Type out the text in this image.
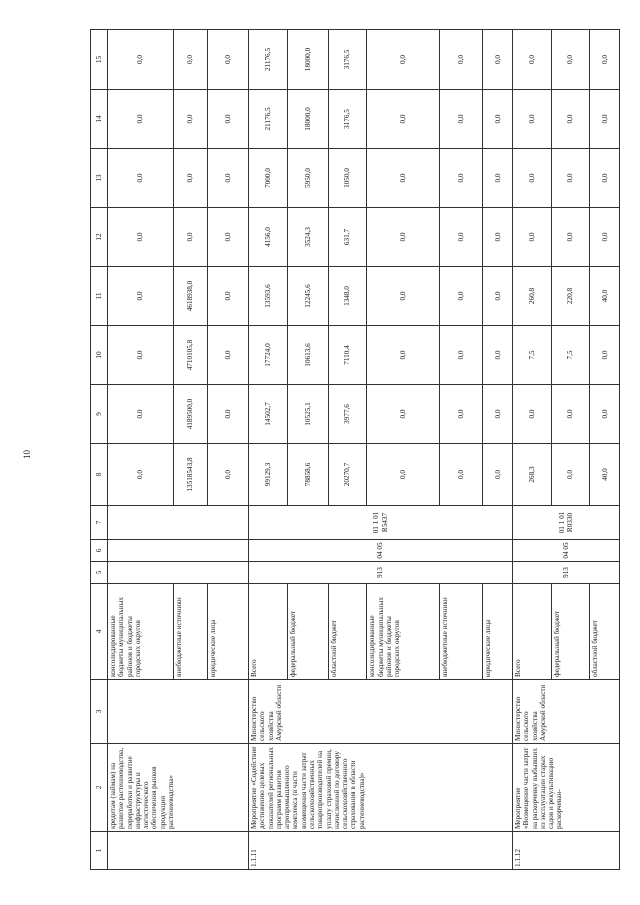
10
1	2	3	4	5	6	7	8	9	10	11	12	13	14	15
	кредитам (займам) на развитие растениеводства, переработки и развитие инфраструктуры и логистического обеспечения рынков продукции растениеводства»		консолидированные бюджеты муниципальных районов и бюджеты городских округов				0,0	0,0	0,0	0,0	0,0	0,0	0,0	0,0
			внебюджетные источники				13518543,8	4189500,0	4710105,8	4618938,0	0,0	0,0	0,0	0,0
			юридические лица				0,0	0,0	0,0	0,0	0,0	0,0	0,0	0,0
1.1.11	Мероприятие «Содействие достижению целевых показателей региональных программ развития агропромышленного комплекса (в части возмещения части затрат сельскохозяйственных товаропроизводителей на уплату страховой премии, начисленной по договору сельскохозяйственного страхования в области растениеводства)»	Министерство сельского хозяйства Амурской области	Всего	913	04 05	01 1 01 R5437	99129,3	14502,7	17724,0	13593,6	4156,0	7000,0	21176,5	21176,5
			федеральный бюджет				78858,6	10525,1	10613,6	12245,6	3524,3	5950,0	18000,0	18000,0
			областной бюджет				20270,7	3977,6	7110,4	1348,0	631,7	1050,0	3176,5	3176,5
			консолидированные бюджеты муниципальных районов и бюджеты городских округов				0,0	0,0	0,0	0,0	0,0	0,0	0,0	0,0
			внебюджетные источники				0,0	0,0	0,0	0,0	0,0	0,0	0,0	0,0
			юридические лица				0,0	0,0	0,0	0,0	0,0	0,0	0,0	0,0
1.1.12	Мероприятие «Возмещение части затрат на раскорчевку выбывших из эксплуатации старых садов и рекультивацию раскорчеван-	Министерство сельского хозяйства Амурской области	Всего	913	04 05	01 1 01 R0330	268,3	0,0	7,5	260,8	0,0	0,0	0,0	0,0
			федеральный бюджет				0,0	0,0	7,5	220,8	0,0	0,0	0,0	0,0
			областной бюджет				40,0	0,0	0,0	40,0	0,0	0,0	0,0	0,0
